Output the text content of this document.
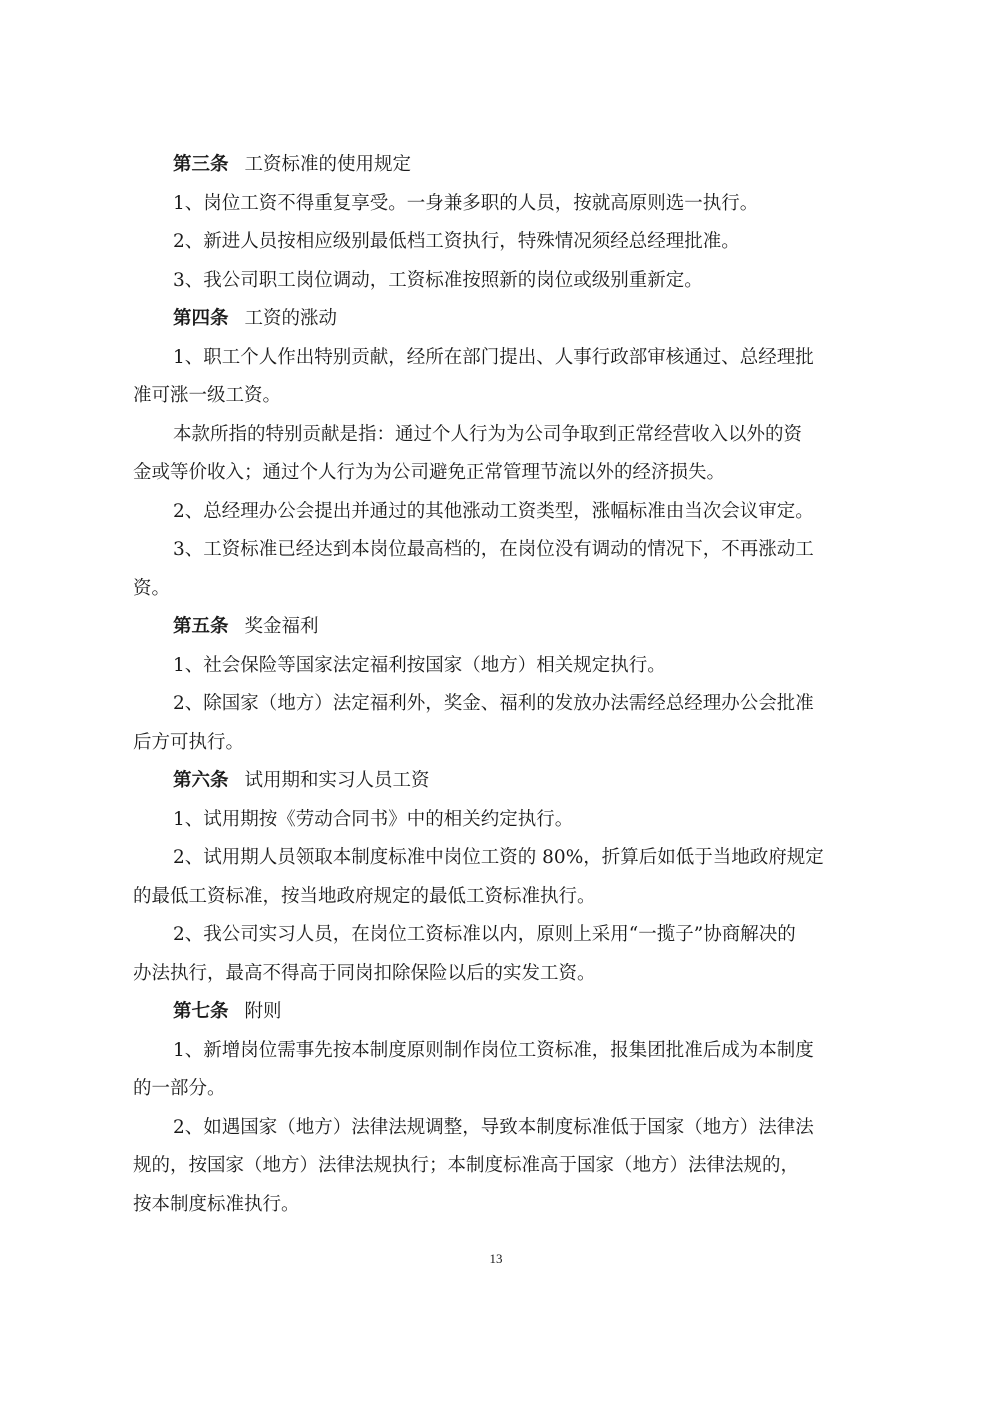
第三条 工资标准的使用规定
1、岗位工资不得重复享受。一身兼多职的人员，按就高原则选一执行。
2、新进人员按相应级别最低档工资执行，特殊情况须经总经理批准。
3、我公司职工岗位调动，工资标准按照新的岗位或级别重新定。
第四条 工资的涨动
1、职工个人作出特别贡献，经所在部门提出、人事行政部审核通过、总经理批
准可涨一级工资。
本款所指的特别贡献是指：通过个人行为为公司争取到正常经营收入以外的资
金或等价收入；通过个人行为为公司避免正常管理节流以外的经济损失。
2、总经理办公会提出并通过的其他涨动工资类型，涨幅标准由当次会议审定。
3、工资标准已经达到本岗位最高档的，在岗位没有调动的情况下，不再涨动工
资。
第五条 奖金福利
1、社会保险等国家法定福利按国家（地方）相关规定执行。
2、除国家（地方）法定福利外，奖金、福利的发放办法需经总经理办公会批准
后方可执行。
第六条 试用期和实习人员工资
1、试用期按《劳动合同书》中的相关约定执行。
2、试用期人员领取本制度标准中岗位工资的 80%，折算后如低于当地政府规定
的最低工资标准，按当地政府规定的最低工资标准执行。
2、我公司实习人员，在岗位工资标准以内，原则上采用“一揽子”协商解决的
办法执行，最高不得高于同岗扣除保险以后的实发工资。
第七条 附则
1、新增岗位需事先按本制度原则制作岗位工资标准，报集团批准后成为本制度
的一部分。
2、如遇国家（地方）法律法规调整，导致本制度标准低于国家（地方）法律法
规的，按国家（地方）法律法规执行；本制度标准高于国家（地方）法律法规的，
按本制度标准执行。
13
